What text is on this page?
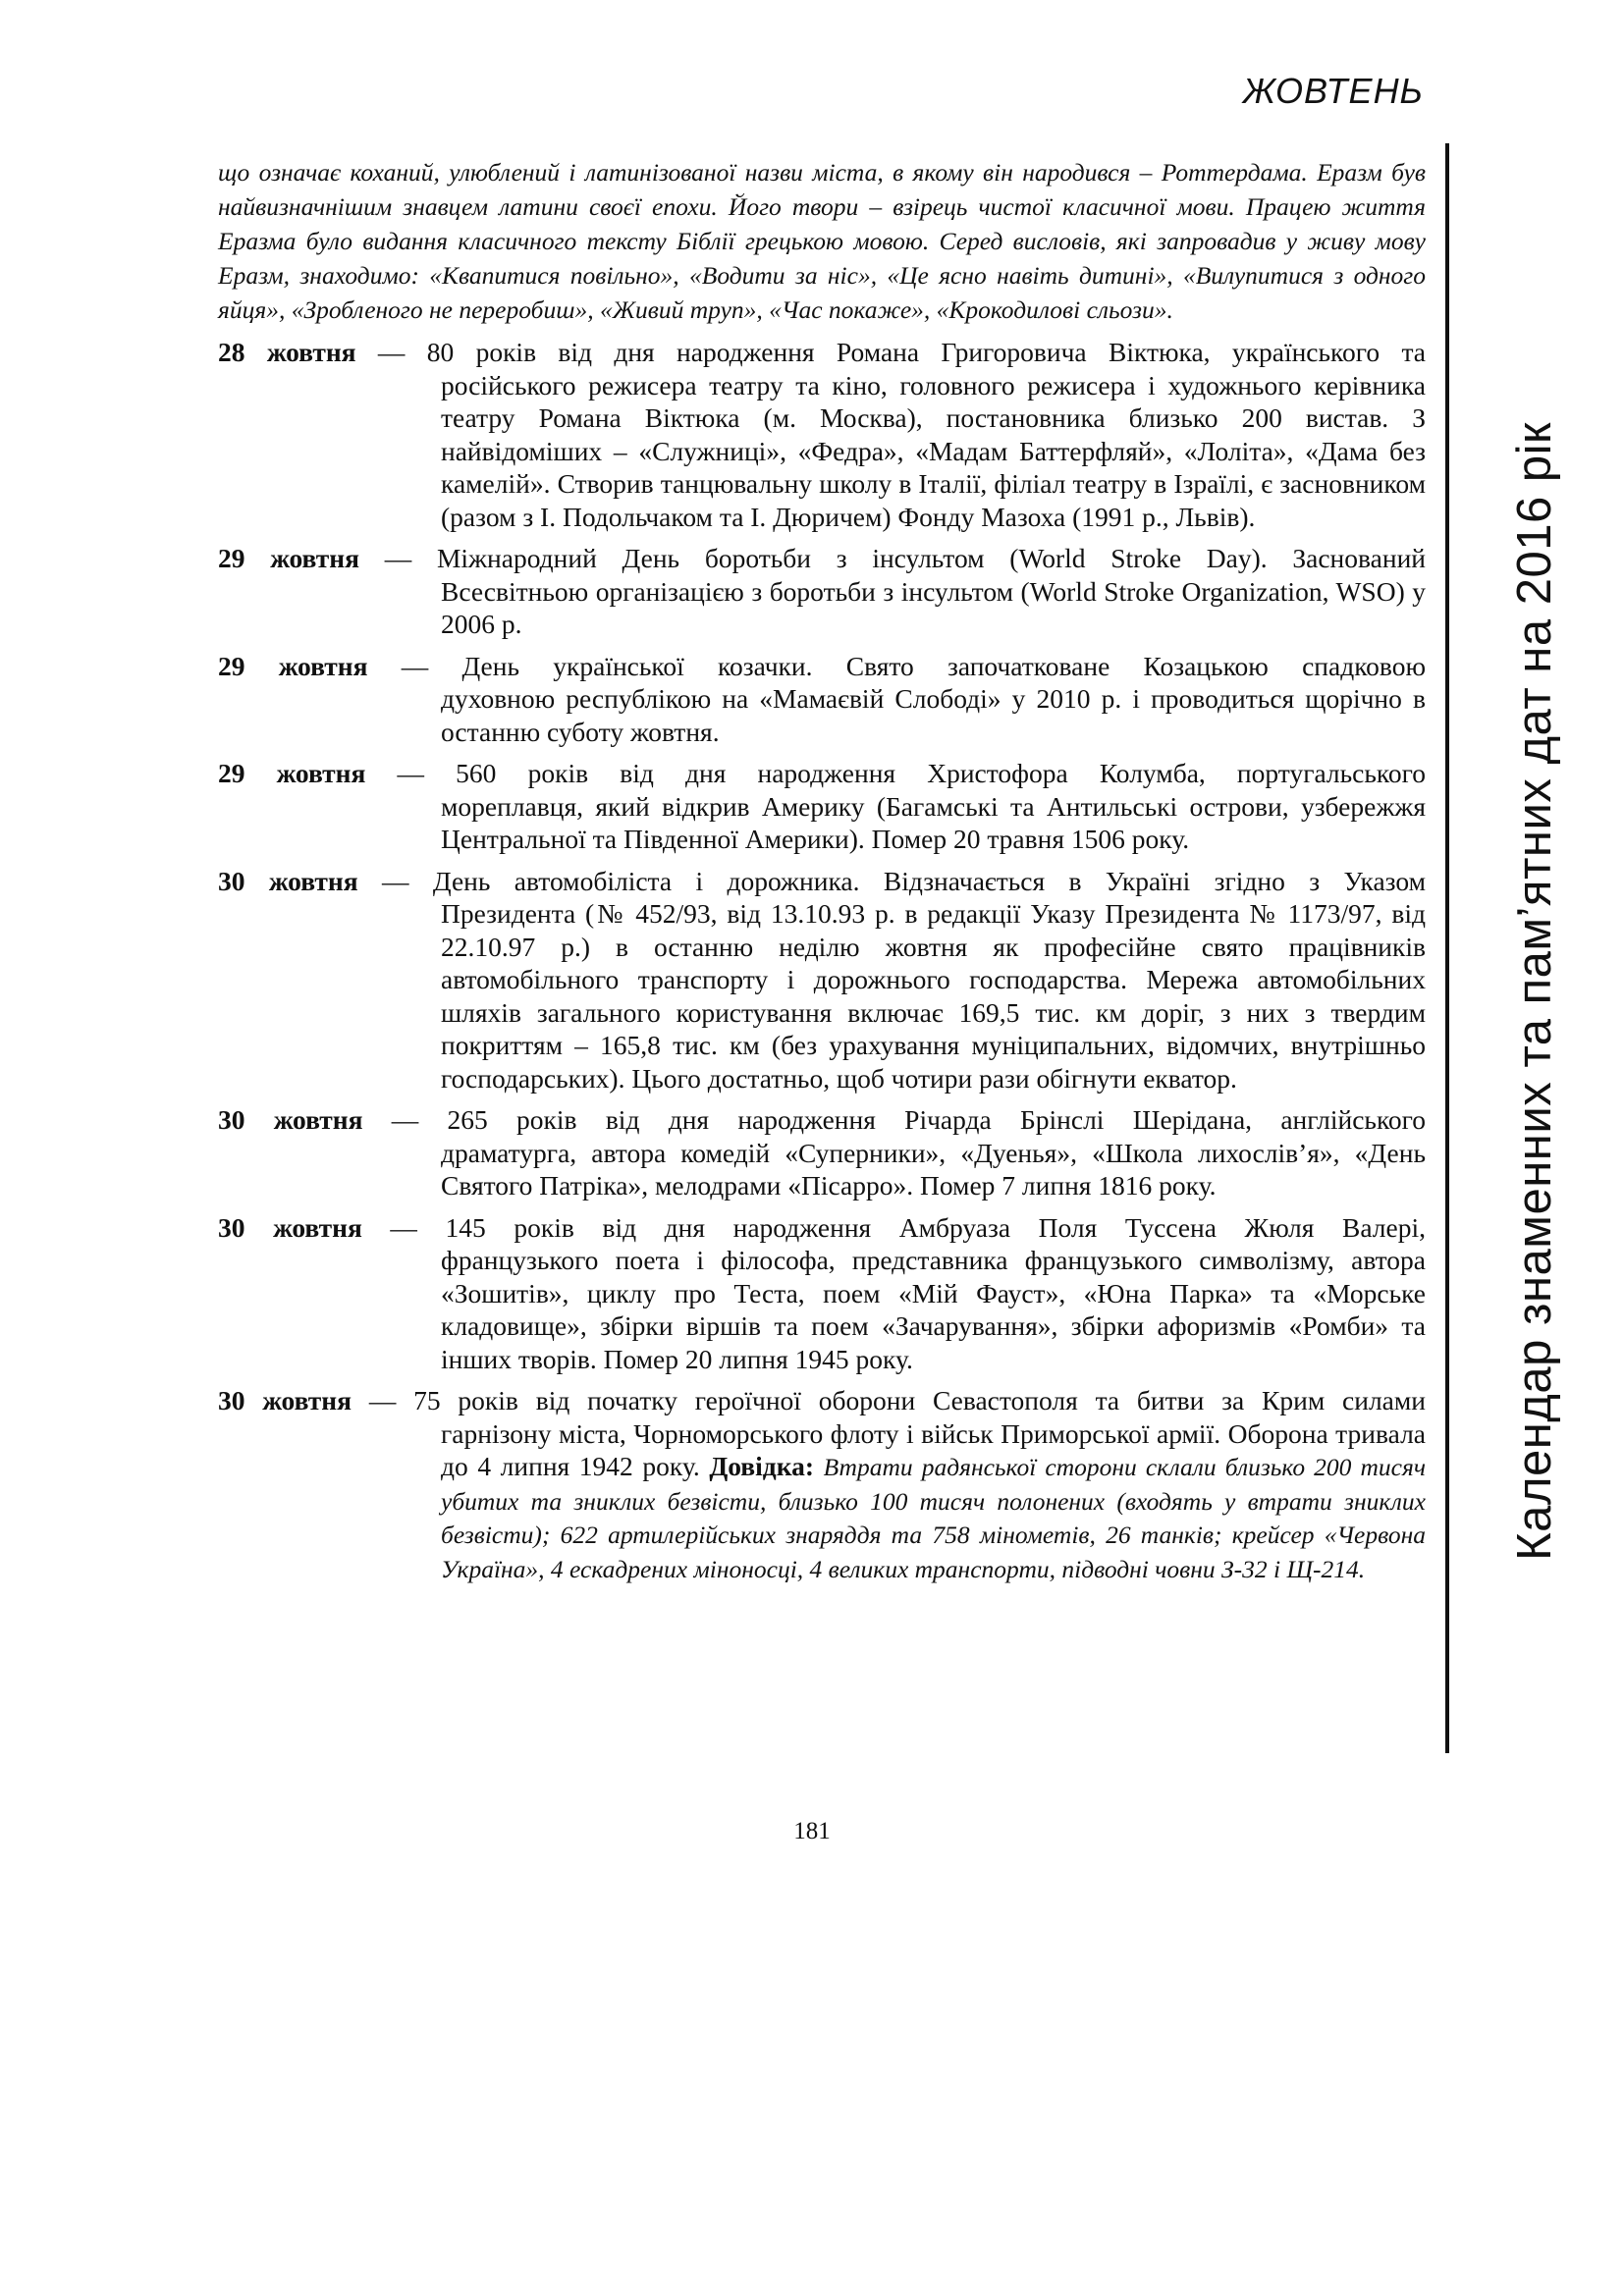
ЖОВТЕНЬ
Календар знаменних та пам’ятних дат на 2016 рік

що означає коханий, улюблений і латинізованої назви міста, в якому він народився – Роттердама. Еразм був найвизначнішим знавцем латини своєї епохи. Його твори – взірець чистої класичної мови. Працею життя Еразма було видання класичного тексту Біблії грецькою мовою. Серед висловів, які запровадив у живу мову Еразм, знаходимо: «Квапитися повільно», «Водити за ніс», «Це ясно навіть дитині», «Вилупитися з одного яйця», «Зробленого не переробиш», «Живий труп», «Час покаже», «Крокодилові сльози».

28 жовтня — 80 років від дня народження Романа Григоровича Віктюка, українського та
російського режисера театру та кіно, головного режисера і художнього керівника театру Романа Віктюка (м. Москва), постановника близько 200 вистав. З найвідоміших – «Служниці», «Федра», «Мадам Баттерфляй», «Лоліта», «Дама без камелій». Створив танцювальну школу в Італії, філіал театру в Ізраїлі, є засновником (разом з І. Подольчаком та І. Дюричем) Фонду Мазоха (1991 р., Львів).
29 жовтня — Міжнародний День боротьби з інсультом (World Stroke Day). Заснований
Всесвітньою організацією з боротьби з інсультом (World Stroke Organization, WSO) у 2006 р.
29 жовтня — День української козачки. Свято започатковане Козацькою спадковою
духовною республікою на «Мамаєвій Слободі» у 2010 р. і проводиться щорічно в останню суботу жовтня.
29 жовтня — 560 років від дня народження Христофора Колумба, португальського
мореплавця, який відкрив Америку (Багамські та Антильські острови, узбережжя Центральної та Південної Америки). Помер 20 травня 1506 року.
30 жовтня — День автомобіліста і дорожника. Відзначається в Україні згідно з Указом
Президента (№ 452/93, від 13.10.93 р. в редакції Указу Президента № 1173/97, від 22.10.97 р.) в останню неділю жовтня як професійне свято працівників автомобільного транспорту і дорожнього господарства. Мережа автомобільних шляхів загального користування включає 169,5 тис. км доріг, з них з твердим покриттям – 165,8 тис. км (без урахування муніципальних, відомчих, внутрішньо господарських). Цього достатньо, щоб чотири рази обігнути екватор.
30 жовтня — 265 років від дня народження Річарда Брінслі Шерідана, англійського
драматурга, автора комедій «Суперники», «Дуенья», «Школа лихослів’я», «День Святого Патріка», мелодрами «Пісарро». Помер 7 липня 1816 року.
30 жовтня — 145 років від дня народження Амбруаза Поля Туссена Жюля Валері,
французького поета і філософа, представника французького символізму, автора «Зошитів», циклу про Теста, поем «Мій Фауст», «Юна Парка» та «Морське кладовище», збірки віршів та поем «Зачарування», збірки афоризмів «Ромби» та інших творів. Помер 20 липня 1945 року.
30 жовтня — 75 років від початку героїчної оборони Севастополя та битви за Крим силами
гарнізону міста, Чорноморського флоту і військ Приморської армії. Оборона тривала до 4 липня 1942 року. Довідка: Втрати радянської сторони склали близько 200 тисяч убитих та зниклих безвісти, близько 100 тисяч полонених (входять у втрати зниклих безвісти); 622 артилерійських знаряддя та 758 мінометів, 26 танків; крейсер «Червона Україна», 4 ескадрених міноносці, 4 великих транспорти, підводні човни З-32 і Щ-214.
181
